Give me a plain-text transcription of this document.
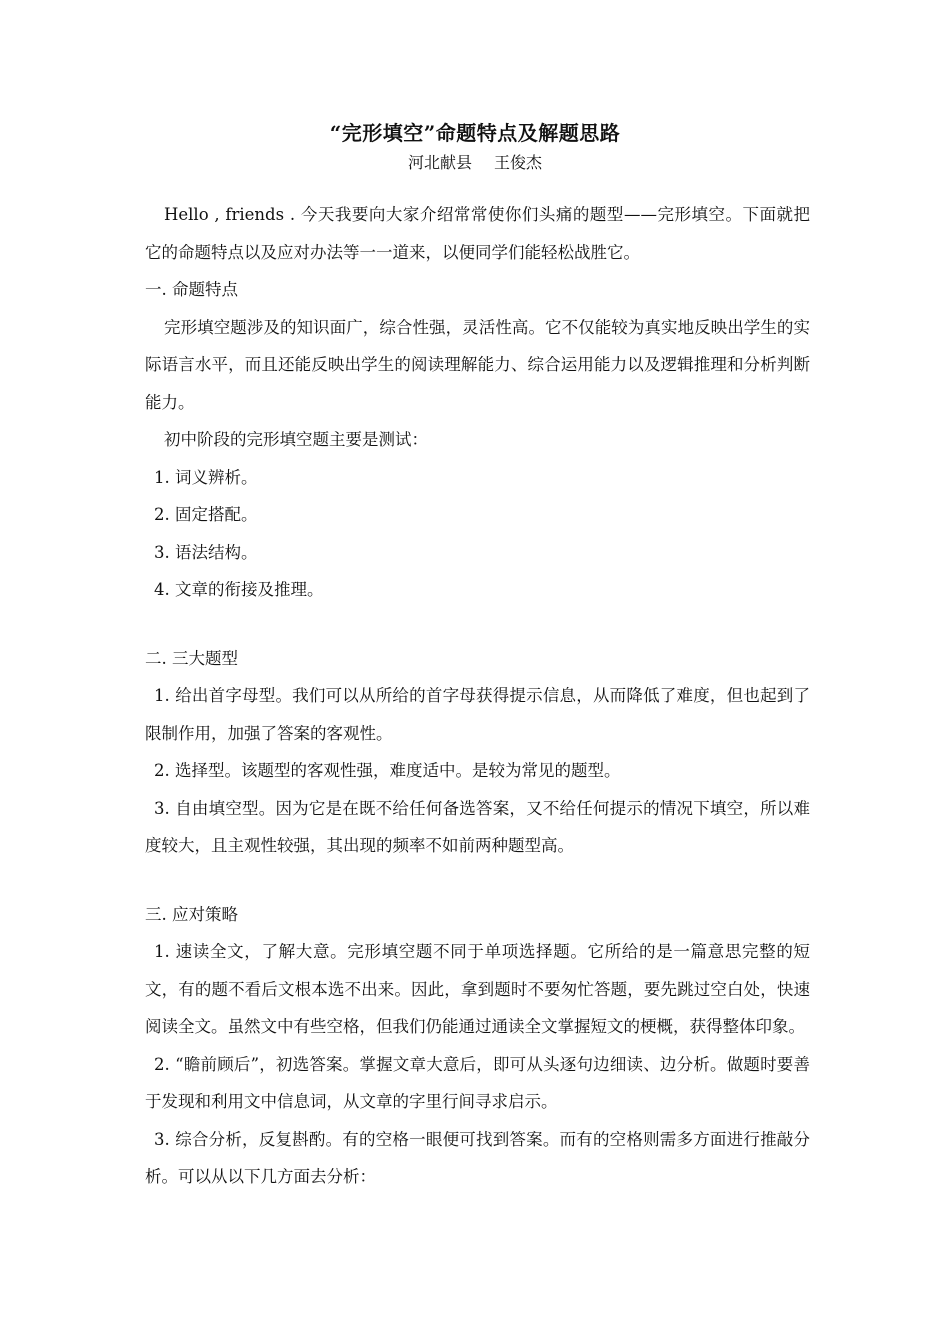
“完形填空”命题特点及解题思路
河北献县 王俊杰

Hello , friends . 今天我要向大家介绍常常使你们头痛的题型——完形填空。下面就把它的命题特点以及应对办法等一一道来，以便同学们能轻松战胜它。

一. 命题特点

完形填空题涉及的知识面广，综合性强，灵活性高。它不仅能较为真实地反映出学生的实际语言水平，而且还能反映出学生的阅读理解能力、综合运用能力以及逻辑推理和分析判断能力。

初中阶段的完形填空题主要是测试：

1. 词义辨析。

2. 固定搭配。

3. 语法结构。

4. 文章的衔接及推理。

二. 三大题型

1. 给出首字母型。我们可以从所给的首字母获得提示信息，从而降低了难度，但也起到了限制作用，加强了答案的客观性。

2. 选择型。该题型的客观性强，难度适中。是较为常见的题型。

3. 自由填空型。因为它是在既不给任何备选答案，又不给任何提示的情况下填空，所以难度较大，且主观性较强，其出现的频率不如前两种题型高。

三. 应对策略

1. 速读全文，了解大意。完形填空题不同于单项选择题。它所给的是一篇意思完整的短文，有的题不看后文根本选不出来。因此，拿到题时不要匆忙答题，要先跳过空白处，快速阅读全文。虽然文中有些空格，但我们仍能通过通读全文掌握短文的梗概，获得整体印象。

2. “瞻前顾后”，初选答案。掌握文章大意后，即可从头逐句边细读、边分析。做题时要善于发现和利用文中信息词，从文章的字里行间寻求启示。

3. 综合分析，反复斟酌。有的空格一眼便可找到答案。而有的空格则需多方面进行推敲分析。可以从以下几方面去分析：
